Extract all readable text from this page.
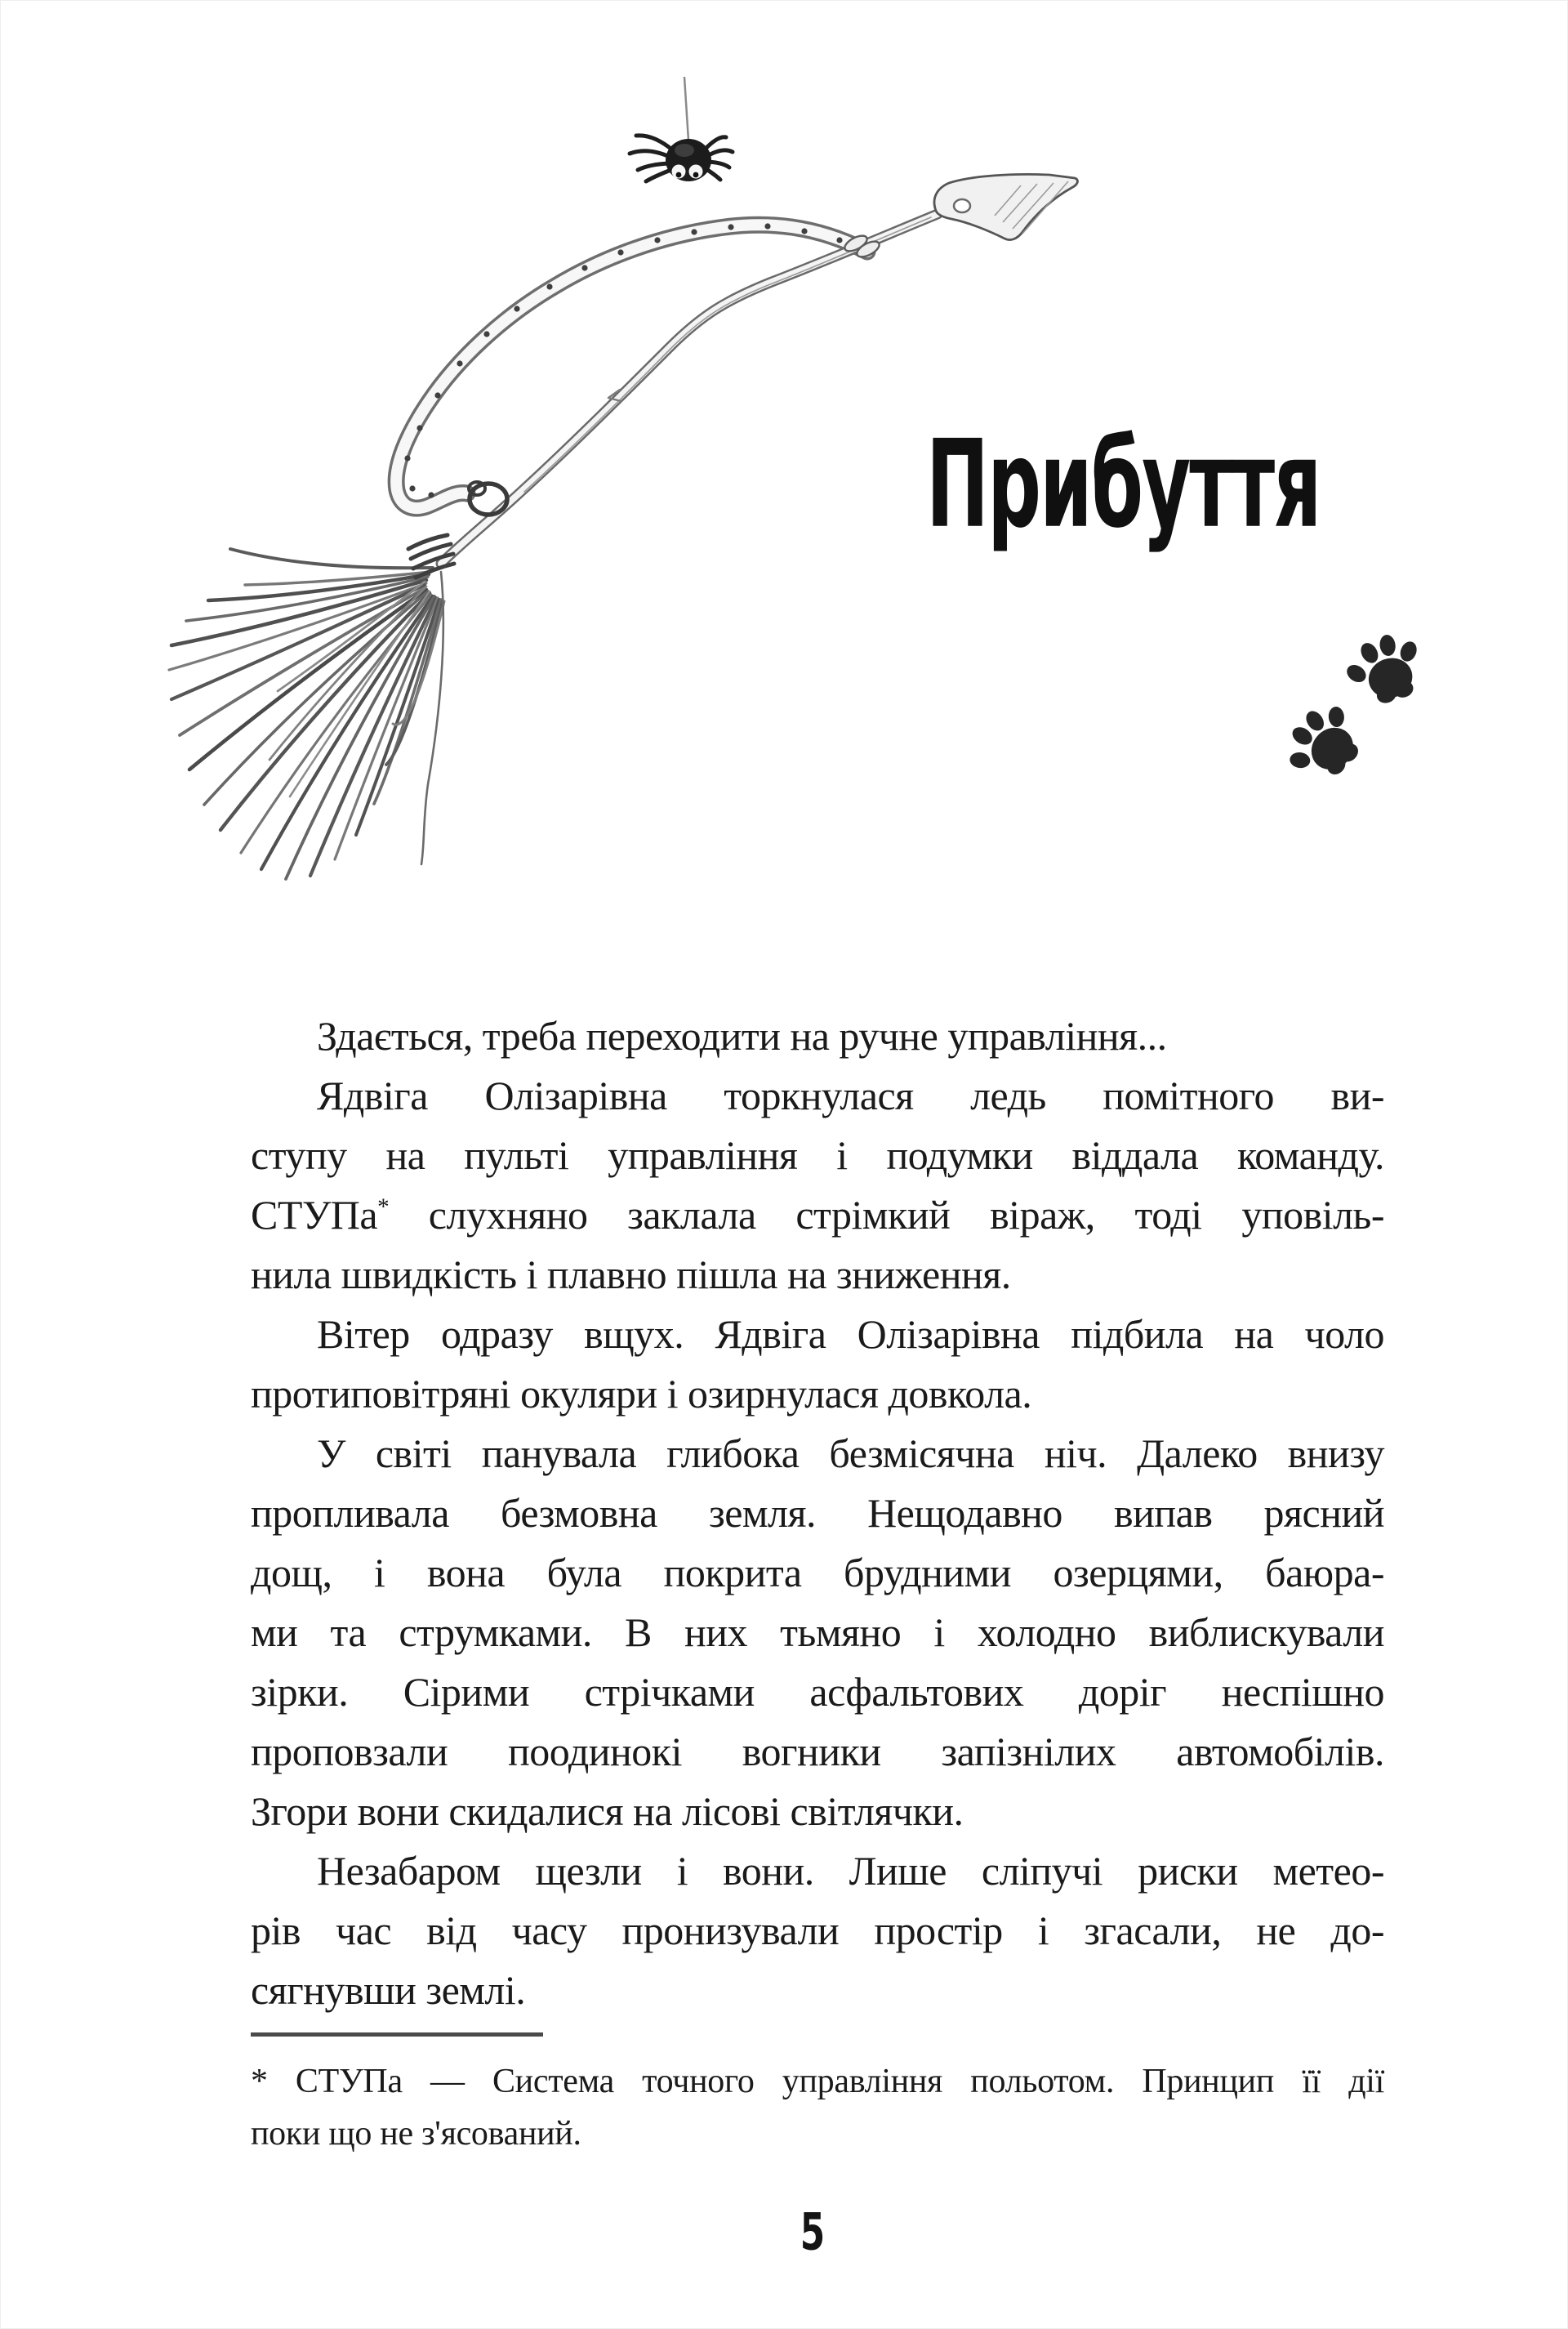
Прибуття
Здається, треба переходити на ручне управління...
Ядвіга Олізарівна торкнулася ледь помітного ви-
ступу на пульті управління і подумки віддала команду.
СТУПа* слухняно заклала стрімкий віраж, тоді уповіль-
нила швидкість і плавно пішла на зниження.
Вітер одразу вщух. Ядвіга Олізарівна підбила на чоло
протиповітряні окуляри і озирнулася довкола.
У світі панувала глибока безмісячна ніч. Далеко внизу
пропливала безмовна земля. Нещодавно випав рясний
дощ, і вона була покрита брудними озерцями, баюра-
ми та струмками. В них тьмяно і холодно виблискували
зірки. Сірими стрічками асфальтових доріг неспішно
проповзали поодинокі вогники запізнілих автомобілів.
Згори вони скидалися на лісові світлячки.
Незабаром щезли і вони. Лише сліпучі риски метео-
рів час від часу пронизували простір і згасали, не до-
сягнувши землі.
* СТУПа — Система точного управління польотом. Принцип її дії
поки що не з'ясований.
5
